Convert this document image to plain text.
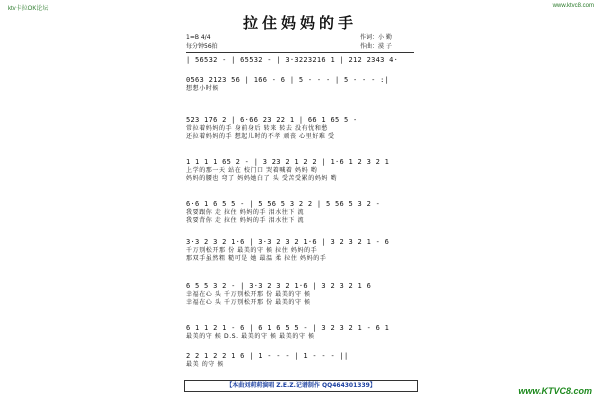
ktv卡拉OK论坛	www.ktvc8.com
www.KTVC8.com
拉住妈妈的手
1=B 4/4
每分钟56拍
作词：小 勤
作曲：漠 子
| 56532 - | 65532 - | 3·3223216 1 | 212 2343 4·
0563 2123 56 | 166 - 6 | 5 - - - | 5 - - - :|
想想小时候
523 176 2 | 6·66 23 22 1 | 66 1 65 5 -
常拉着妈妈的手 身前身后 转来 转去 没有忧和愁
还拉着妈妈的手 想起儿时的不孝 顽丧 心里好难 受
1 1 1 1 65 2 - | 3 23 2 1 2 2 | 1·6 1 2 3 2 1
上学的那一天 站在 校门口 哭着喊着 妈妈 哟
妈妈的腰也 弯了 妈妈她白了 头 受苦受累的妈妈 哟
6·6 1 6 5 5 - | 5 56 5 3 2 2 | 5 56 5 3 2 -
我要跟你 走 拉住 妈妈的手 泪水往下 流
我要背你 走 拉住 妈妈的手 泪水往下 流
3·3 2 3 2 1·6 | 3·3 2 3 2 1·6 | 3 2 3 2 1 - 6
千万别松开那 份 最美的守 候 拉住 妈妈的手
那双手虽然粗 糙可是 她 最温 柔 拉住 妈妈的手
6 5 5 3 2 - | 3·3 2 3 2 1·6 | 3 2 3 2 1 6
幸福在心 头 千万别松开那 份 最美的守 候
幸福在心 头 千万别松开那 份 最美的守 候
6 1 1 2 1 - 6 | 6 1 6 5 5 - | 3 2 3 2 1 - 6 1
最美的守 候 D.S. 最美的守 候 最美的守 候
2 2 1 2 2 1 6 | 1 - - - | 1 - - - ||
最美 的守 候
【本曲刘莉莉演唱 Z.E.Z.记谱制作 QQ464301339】
